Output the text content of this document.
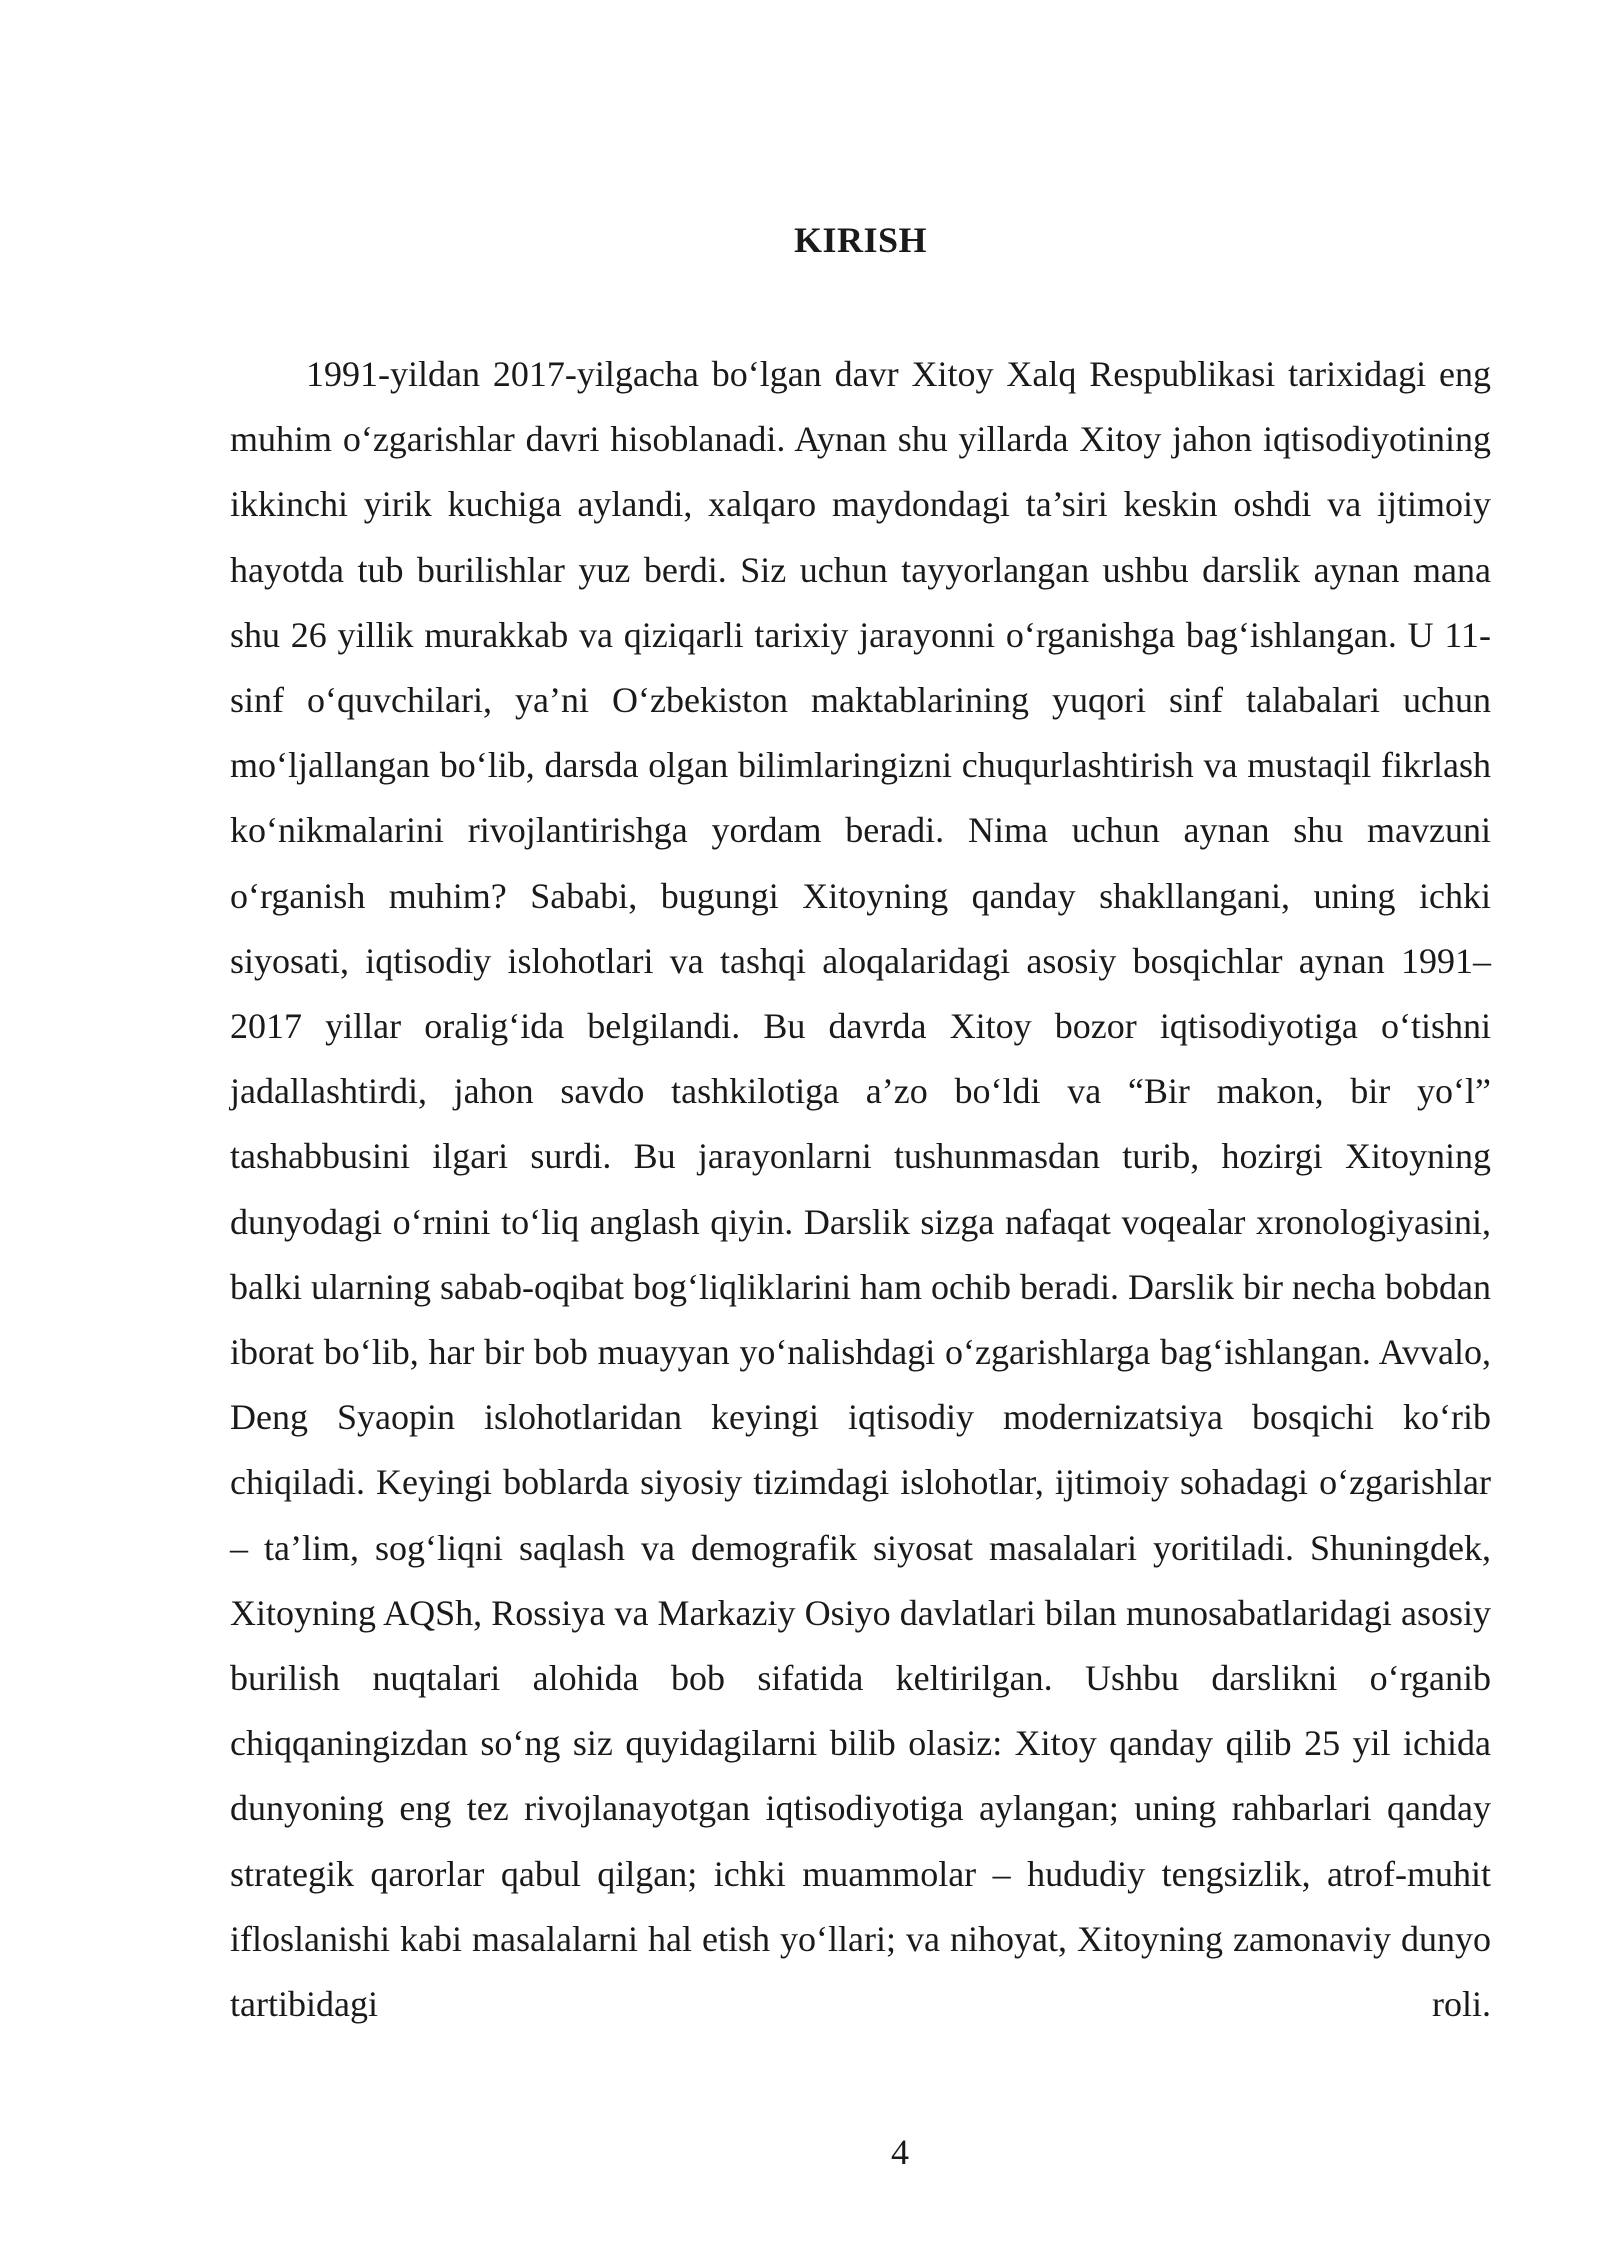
KIRISH

1991-yildan 2017-yilgacha bo‘lgan davr Xitoy Xalq Respublikasi tarixidagi eng muhim o‘zgarishlar davri hisoblanadi. Aynan shu yillarda Xitoy jahon iqtisodiyotining ikkinchi yirik kuchiga aylandi, xalqaro maydondagi ta’siri keskin oshdi va ijtimoiy hayotda tub burilishlar yuz berdi. Siz uchun tayyorlangan ushbu darslik aynan mana shu 26 yillik murakkab va qiziqarli tarixiy jarayonni o‘rganishga bag‘ishlangan. U 11-sinf o‘quvchilari, ya’ni O‘zbekiston maktablarining yuqori sinf talabalari uchun mo‘ljallangan bo‘lib, darsda olgan bilimlaringizni chuqurlashtirish va mustaqil fikrlash ko‘nikmalarini rivojlantirishga yordam beradi. Nima uchun aynan shu mavzuni o‘rganish muhim? Sababi, bugungi Xitoyning qanday shakllangani, uning ichki siyosati, iqtisodiy islohotlari va tashqi aloqalaridagi asosiy bosqichlar aynan 1991–2017 yillar oralig‘ida belgilandi. Bu davrda Xitoy bozor iqtisodiyotiga o‘tishni jadallashtirdi, jahon savdo tashkilotiga a’zo bo‘ldi va “Bir makon, bir yo‘l” tashabbusini ilgari surdi. Bu jarayonlarni tushunmasdan turib, hozirgi Xitoyning dunyodagi o‘rnini to‘liq anglash qiyin. Darslik sizga nafaqat voqealar xronologiyasini, balki ularning sabab-oqibat bog‘liqliklarini ham ochib beradi. Darslik bir necha bobdan iborat bo‘lib, har bir bob muayyan yo‘nalishdagi o‘zgarishlarga bag‘ishlangan. Avvalo, Deng Syaopin islohotlaridan keyingi iqtisodiy modernizatsiya bosqichi ko‘rib chiqiladi. Keyingi boblarda siyosiy tizimdagi islohotlar, ijtimoiy sohadagi o‘zgarishlar – ta’lim, sog‘liqni saqlash va demografik siyosat masalalari yoritiladi. Shuningdek, Xitoyning AQSh, Rossiya va Markaziy Osiyo davlatlari bilan munosabatlaridagi asosiy burilish nuqtalari alohida bob sifatida keltirilgan. Ushbu darslikni o‘rganib chiqqaningizdan so‘ng siz quyidagilarni bilib olasiz: Xitoy qanday qilib 25 yil ichida dunyoning eng tez rivojlanayotgan iqtisodiyotiga aylangan; uning rahbarlari qanday strategik qarorlar qabul qilgan; ichki muammolar – hududiy tengsizlik, atrof-muhit ifloslanishi kabi masalalarni hal etish yo‘llari; va nihoyat, Xitoyning zamonaviy dunyo tartibidagi roli.

4
